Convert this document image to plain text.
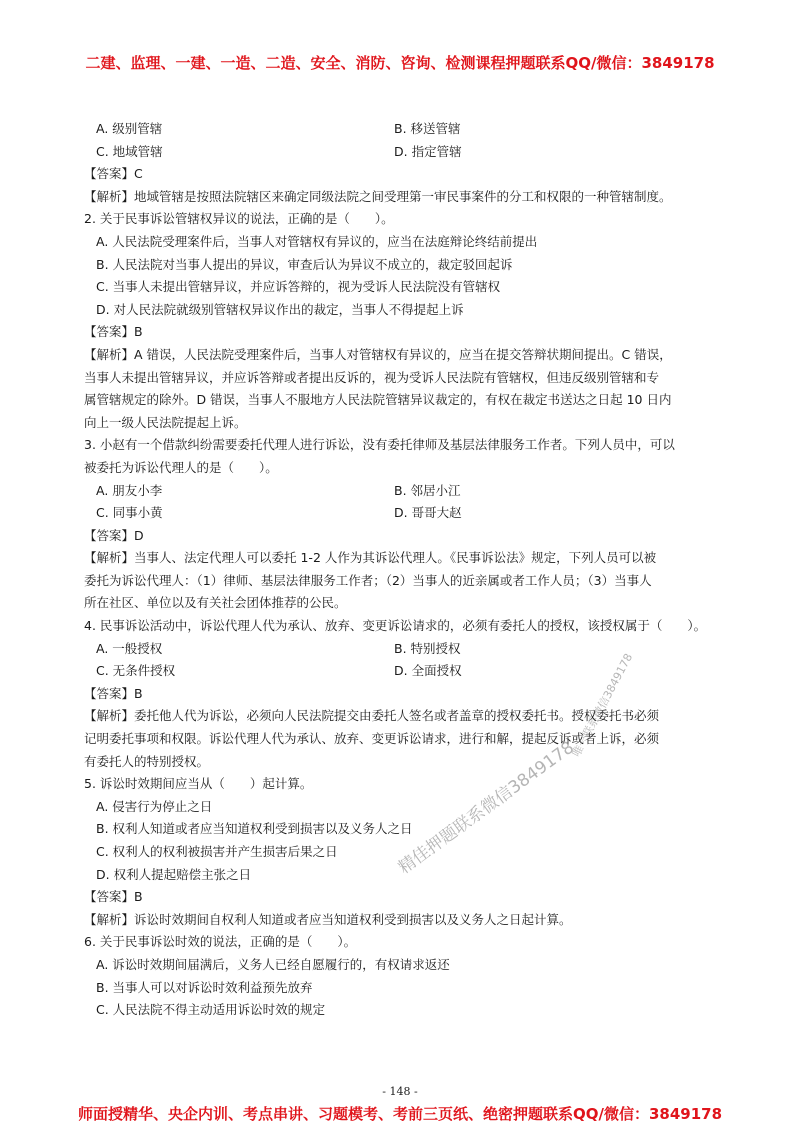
二建、监理、一建、一造、二造、安全、消防、咨询、检测课程押题联系QQ/微信：3849178
A. 级别管辖	B. 移送管辖
C. 地域管辖	D. 指定管辖
【答案】C
【解析】地域管辖是按照法院辖区来确定同级法院之间受理第一审民事案件的分工和权限的一种管辖制度。
2. 关于民事诉讼管辖权异议的说法，正确的是（　　）。
A. 人民法院受理案件后，当事人对管辖权有异议的，应当在法庭辩论终结前提出
B. 人民法院对当事人提出的异议，审查后认为异议不成立的，裁定驳回起诉
C. 当事人未提出管辖异议，并应诉答辩的，视为受诉人民法院没有管辖权
D. 对人民法院就级别管辖权异议作出的裁定，当事人不得提起上诉
【答案】B
【解析】A 错误，人民法院受理案件后，当事人对管辖权有异议的，应当在提交答辩状期间提出。C 错误，
当事人未提出管辖异议，并应诉答辩或者提出反诉的，视为受诉人民法院有管辖权，但违反级别管辖和专
属管辖规定的除外。D 错误，当事人不服地方人民法院管辖异议裁定的，有权在裁定书送达之日起 10 日内
向上一级人民法院提起上诉。
3. 小赵有一个借款纠纷需要委托代理人进行诉讼，没有委托律师及基层法律服务工作者。下列人员中，可以
被委托为诉讼代理人的是（　　）。
A. 朋友小李	B. 邻居小江
C. 同事小黄	D. 哥哥大赵
【答案】D
【解析】当事人、法定代理人可以委托 1-2 人作为其诉讼代理人。《民事诉讼法》规定，下列人员可以被
委托为诉讼代理人：（1）律师、基层法律服务工作者；（2）当事人的近亲属或者工作人员；（3）当事人
所在社区、单位以及有关社会团体推荐的公民。
4. 民事诉讼活动中，诉讼代理人代为承认、放弃、变更诉讼请求的，必须有委托人的授权，该授权属于（　　）。
A. 一般授权	B. 特别授权
C. 无条件授权	D. 全面授权
【答案】B
【解析】委托他人代为诉讼，必须向人民法院提交由委托人签名或者盖章的授权委托书。授权委托书必须
记明委托事项和权限。诉讼代理人代为承认、放弃、变更诉讼请求，进行和解，提起反诉或者上诉，必须
有委托人的特别授权。
5. 诉讼时效期间应当从（　　）起计算。
A. 侵害行为停止之日
B. 权利人知道或者应当知道权利受到损害以及义务人之日
C. 权利人的权利被损害并产生损害后果之日
D. 权利人提起赔偿主张之日
【答案】B
【解析】诉讼时效期间自权利人知道或者应当知道权利受到损害以及义务人之日起计算。
6. 关于民事诉讼时效的说法，正确的是（　　）。
A. 诉讼时效期间届满后，义务人已经自愿履行的，有权请求返还
B. 当事人可以对诉讼时效利益预先放弃
C. 人民法院不得主动适用诉讼时效的规定
精佳押题联系微信3849178
唯一联系微信3849178
- 148 -
师面授精华、央企内训、考点串讲、习题模考、考前三页纸、绝密押题联系QQ/微信：3849178
